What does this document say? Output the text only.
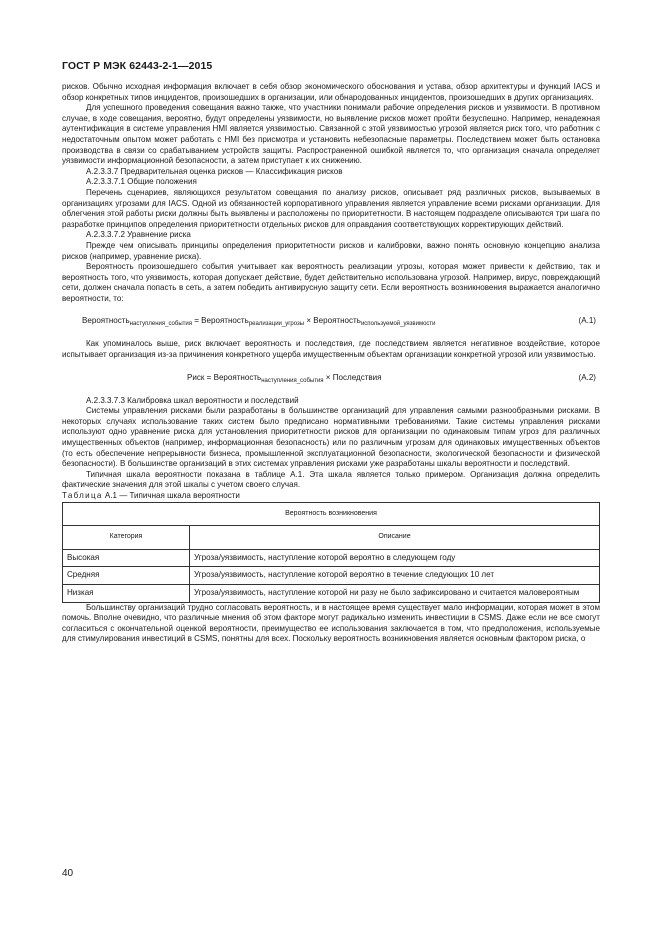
ГОСТ Р МЭК 62443-2-1—2015

рисков. Обычно исходная информация включает в себя обзор экономического обоснования и устава, обзор архитектуры и функций IACS и обзор конкретных типов инцидентов, произошедших в организации, или обнародованных инцидентов, произошедших в других организациях.

Для успешного проведения совещания важно также, что участники понимали рабочие определения рисков и уязвимости. В противном случае, в ходе совещания, вероятно, будут определены уязвимости, но выявление рисков может пройти безуспешно. Например, ненадежная аутентификация в системе управления HMI является уязвимостью. Связанной с этой уязвимостью угрозой является риск того, что работник с недостаточным опытом может работать с HMI без присмотра и установить небезопасные параметры. Последствием может быть остановка производства в связи со срабатыванием устройств защиты. Распространенной ошибкой является то, что организация сначала определяет уязвимости информационной безопасности, а затем приступает к их снижению.

A.2.3.3.7 Предварительная оценка рисков — Классификация рисков

A.2.3.3.7.1 Общие положения

Перечень сценариев, являющихся результатом совещания по анализу рисков, описывает ряд различных рисков, вызываемых в организациях угрозами для IACS. Одной из обязанностей корпоративного управления является управление всеми рисками организации. Для облегчения этой работы риски должны быть выявлены и расположены по приоритетности. В настоящем подразделе описываются три шага по разработке принципов определения приоритетности отдельных рисков для оправдания соответствующих корректирующих действий.

A.2.3.3.7.2 Уравнение риска

Прежде чем описывать принципы определения приоритетности рисков и калибровки, важно понять основную концепцию анализа рисков (например, уравнение риска).

Вероятность произошедшего события учитывает как вероятность реализации угрозы, которая может привести к действию, так и вероятность того, что уязвимость, которая допускает действие, будет действительно использована угрозой. Например, вирус, повреждающий сети, должен сначала попасть в сеть, а затем победить антивирусную защиту сети. Если вероятность возникновения выражается аналогично вероятности, то:

Вероятность$_{наступления\_события}$ = Вероятность$_{реализации\_угрозы}$ × Вероятность$_{используемой\_уязвимости}$	(A.1)

Как упоминалось выше, риск включает вероятность и последствия, где последствием является негативное воздействие, которое испытывает организация из-за причинения конкретного ущерба имущественным объектам организации конкретной угрозой или уязвимостью.

Риск = Вероятность$_{наступления\_события}$ × Последствия	(A.2)

A.2.3.3.7.3 Калибровка шкал вероятности и последствий

Системы управления рисками были разработаны в большинстве организаций для управления самыми разнообразными рисками. В некоторых случаях использование таких систем было предписано нормативными требованиями. Такие системы управления рисками используют одно уравнение риска для установления приоритетности рисков для организации по одинаковым типам угроз для различных имущественных объектов (например, информационная безопасность) или по различным угрозам для одинаковых имущественных объектов (то есть обеспечение непрерывности бизнеса, промышленной эксплуатационной безопасности, экологической безопасности и физической безопасности). В большинстве организаций в этих системах управления рисками уже разработаны шкалы вероятности и последствий.

Типичная шкала вероятности показана в таблице A.1. Эта шкала является только примером. Организация должна определить фактические значения для этой шкалы с учетом своего случая.

Таблица A.1 — Типичная шкала вероятности

Вероятность возникновения	
Категория	Описание
Высокая	Угроза/уязвимость, наступление которой вероятно в следующем году
Средняя	Угроза/уязвимость, наступление которой вероятно в течение следующих 10 лет
Низкая	Угроза/уязвимость, наступление которой ни разу не было зафиксировано и считается маловероятным

Большинству организаций трудно согласовать вероятность, и в настоящее время существует мало информации, которая может в этом помочь. Вполне очевидно, что различные мнения об этом факторе могут радикально изменить инвестиции в CSMS. Даже если не все смогут согласиться с окончательной оценкой вероятности, преимущество ее использования заключается в том, что предположения, используемые для стимулирования инвестиций в CSMS, понятны для всех. Поскольку вероятность возникновения является основным фактором риска, о

40
